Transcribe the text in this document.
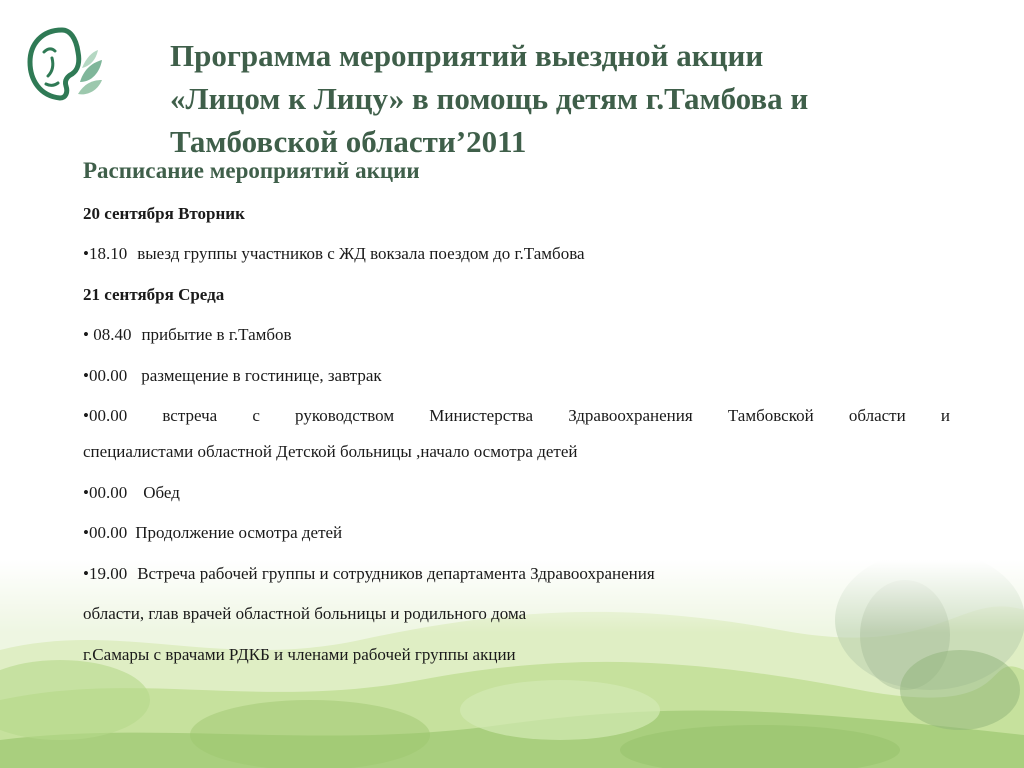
Программа мероприятий выездной акции
«Лицом к Лицу» в помощь детям г.Тамбова и
Тамбовской области’2011
Расписание мероприятий акции
20 сентября Вторник
•18.10 выезд группы участников с ЖД вокзала поездом до г.Тамбова
21 сентября Среда
• 08.40 прибытие в г.Тамбов
•00.00 размещение в гостинице, завтрак
•00.00 встреча с руководством Министерства Здравоохранения Тамбовской области и
специалистами областной Детской больницы ,начало осмотра детей
•00.00 Обед
•00.00 Продолжение осмотра детей
•19.00 Встреча рабочей группы и сотрудников департамента Здравоохранения
области, глав врачей областной больницы и родильного дома
г.Самары с врачами РДКБ и членами рабочей группы акции
